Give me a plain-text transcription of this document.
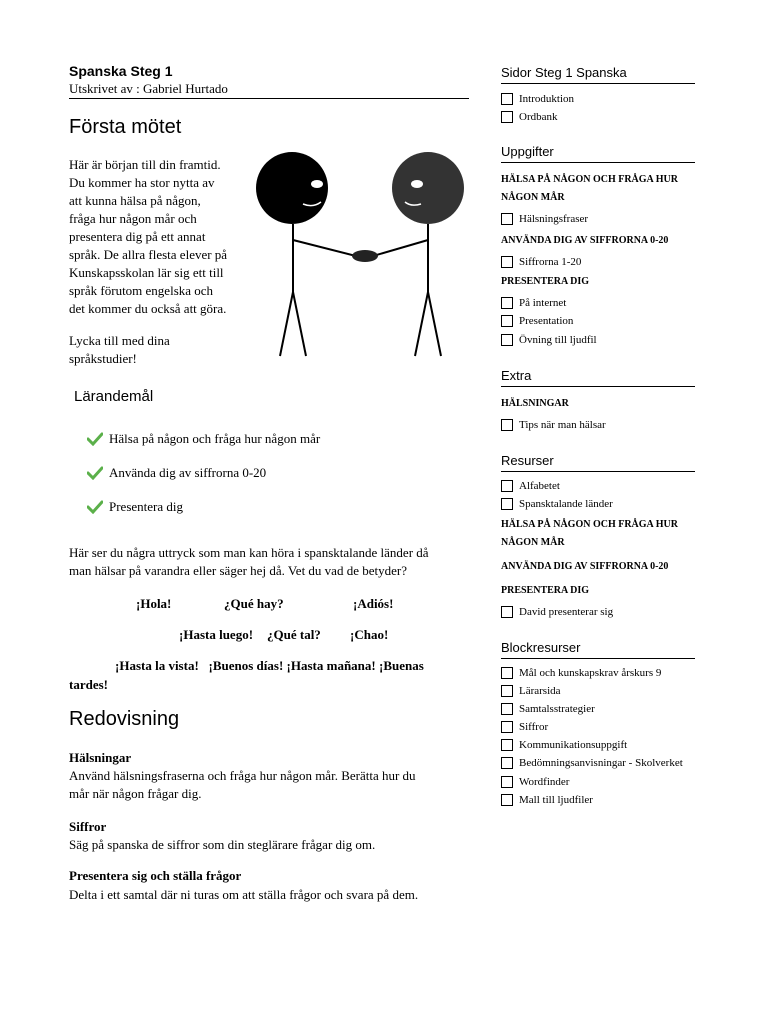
Spanska Steg 1
Utskrivet av : Gabriel Hurtado
Första mötet
Här är början till din framtid.
Du kommer ha stor nytta av
att kunna hälsa på någon,
fråga hur någon mår och
presentera dig på ett annat
språk. De allra flesta elever på
Kunskapsskolan lär sig ett till
språk förutom engelska och
det kommer du också att göra.
Lycka till med dina
språkstudier!
Lärandemål
Hälsa på någon och fråga hur någon mår
Använda dig av siffrorna 0-20
Presentera dig
Här ser du några uttryck som man kan höra i spansktalande länder då
man hälsar på varandra eller säger hej då. Vet du vad de betyder?
¡Hola!	¿Qué hay?	¡Adiós!
¡Hasta luego! ¿Qué tal? ¡Chao!
¡Hasta la vista!   ¡Buenos días! ¡Hasta mañana! ¡Buenas
tardes!
Redovisning
Hälsningar
Använd hälsningsfraserna och fråga hur någon mår. Berätta hur du
mår när någon frågar dig.
Siffror
Säg på spanska de siffror som din steglärare frågar dig om.
Presentera sig och ställa frågor
Delta i ett samtal där ni turas om att ställa frågor och svara på dem.
Sidor Steg 1 Spanska
Introduktion
Ordbank
Uppgifter
HÄLSA PÅ NÅGON OCH FRÅGA HUR
NÅGON MÅR
Hälsningsfraser
ANVÄNDA DIG AV SIFFRORNA 0-20
Siffrorna 1-20
PRESENTERA DIG
På internet
Presentation
Övning till ljudfil
Extra
HÄLSNINGAR
Tips när man hälsar
Resurser
Alfabetet
Spansktalande länder
HÄLSA PÅ NÅGON OCH FRÅGA HUR
NÅGON MÅR
ANVÄNDA DIG AV SIFFRORNA 0-20
PRESENTERA DIG
David presenterar sig
Blockresurser
Mål och kunskapskrav årskurs 9
Lärarsida
Samtalsstrategier
Siffror
Kommunikationsuppgift
Bedömningsanvisningar - Skolverket
Wordfinder
Mall till ljudfiler
